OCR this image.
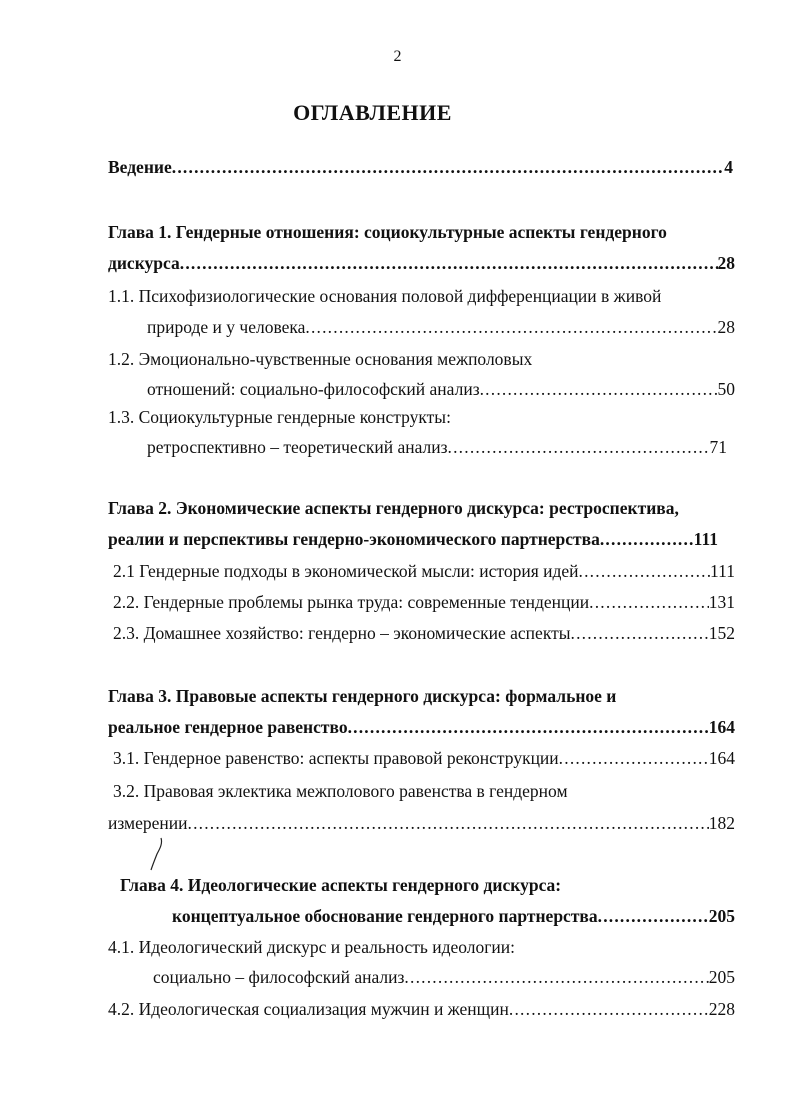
2
ОГЛАВЛЕНИЕ
Ведение .....	4
Глава 1. Гендерные отношения: социокультурные аспекты гендерного
дискурса .....	28
1.1. Психофизиологические основания половой дифференциации в живой
природе и у человека .....	28
1.2. Эмоционально-чувственные основания межполовых
отношений: социально-философский анализ .....	50
1.3. Социокультурные гендерные конструкты:
ретроспективно – теоретический анализ .....	71
Глава 2. Экономические аспекты гендерного дискурса: рестроспектива,
реалии и перспективы гендерно-экономического партнерства .....	111
2.1 Гендерные подходы в экономической мысли: история идей .....	111
2.2. Гендерные проблемы рынка труда: современные тенденции .....	131
2.3. Домашнее хозяйство: гендерно – экономические аспекты .....	152
Глава 3. Правовые аспекты гендерного дискурса: формальное и
реальное гендерное равенство .....	164
3.1. Гендерное равенство: аспекты правовой реконструкции .....	164
3.2. Правовая эклектика межполового равенства в гендерном
измерении .....	182
Глава 4. Идеологические аспекты гендерного дискурса:
концептуальное обоснование гендерного партнерства .....	205
4.1. Идеологический дискурс и реальность идеологии:
социально – философский анализ .....	205
4.2. Идеологическая социализация мужчин и женщин .....	228
